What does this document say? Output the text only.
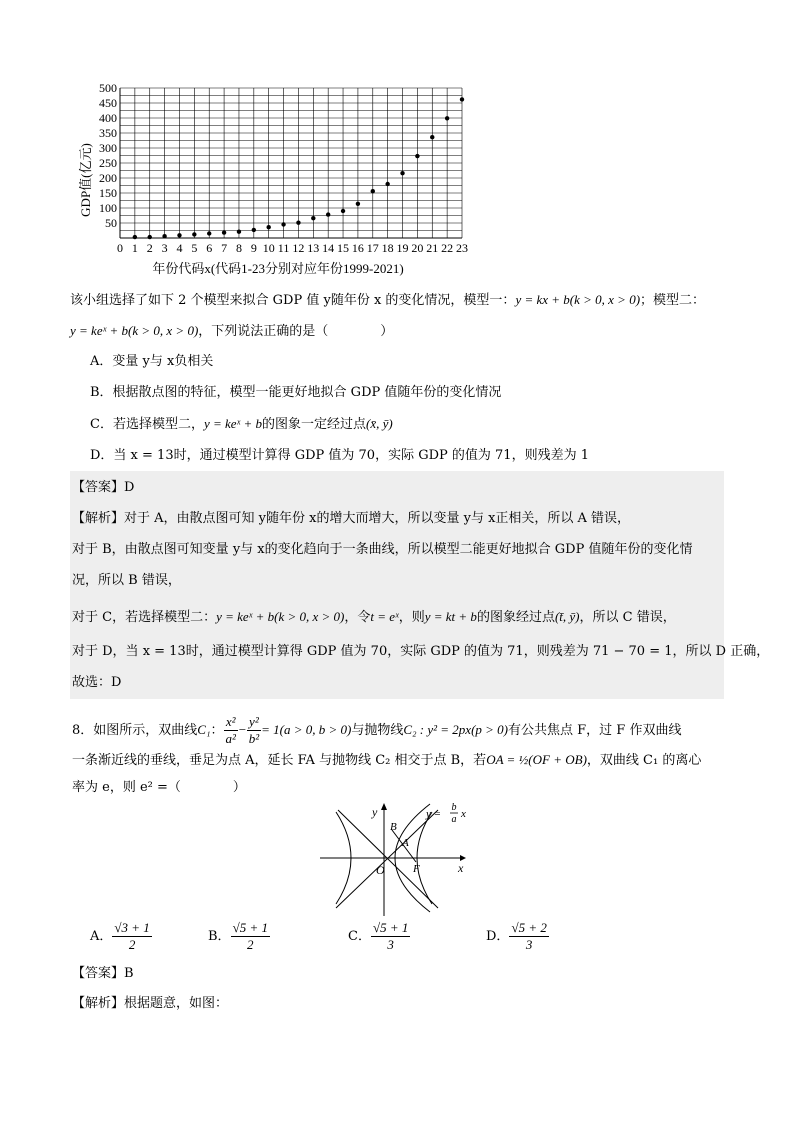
0 1 2 3 4 5 6 7 8 9 10 11 12 13 14 15 16 17 18 19 20 21 22 23
50
100
150
200
250
300
350
400
450
500
GDP值(亿元)
年份代码x(代码1-23分别对应年份1999-2021)
该小组选择了如下 2 个模型来拟合 GDP 值 y随年份 x 的变化情况，模型一：y = kx + b(k > 0, x > 0)；模型二：
y = keˣ + b(k > 0, x > 0)，下列说法正确的是（　　　　）
A．变量 y与 x负相关
B．根据散点图的特征，模型一能更好地拟合 GDP 值随年份的变化情况
C．若选择模型二，y = keˣ + b的图象一定经过点(x̄, ȳ)
D．当 x = 13时，通过模型计算得 GDP 值为 70，实际 GDP 的值为 71，则残差为 1
【答案】D
【解析】对于 A，由散点图可知 y随年份 x的增大而增大，所以变量 y与 x正相关，所以 A 错误，
对于 B，由散点图可知变量 y与 x的变化趋向于一条曲线，所以模型二能更好地拟合 GDP 值随年份的变化情
况，所以 B 错误，
对于 C，若选择模型二：y = keˣ + b(k > 0, x > 0)，令t = eˣ，则y = kt + b的图象经过点(t̄, ȳ)，所以 C 错误，
对于 D，当 x = 13时，通过模型计算得 GDP 值为 70，实际 GDP 的值为 71，则残差为 71 − 70 = 1，所以 D 正确，
故选：D
8．如图所示，双曲线C₁： $\frac{\text{x²}}{\text{a²}} - \frac{\text{y²}}{\text{b²}} = 1(a > 0$, b > 0)与抛物线C₂ : y² = 2px(p > 0)有公共焦点 F，过 F 作双曲线
一条渐近线的垂线，垂足为点 A，延长 FA 与抛物线 C₂ 相交于点 B，若OA = ½(OF + OB)，双曲线 C₁ 的离心
率为 e，则 e² =（　　　　）
y
x
O
B
A
F
y =
b
a x
A． $\frac{√3 + 1}{2}$	B． $\frac{√5 + 1}{2}$	C． $\frac{√5 + 1}{3}$	D． $\frac{√5 + 2}{3}$
【答案】B
【解析】根据题意，如图：
